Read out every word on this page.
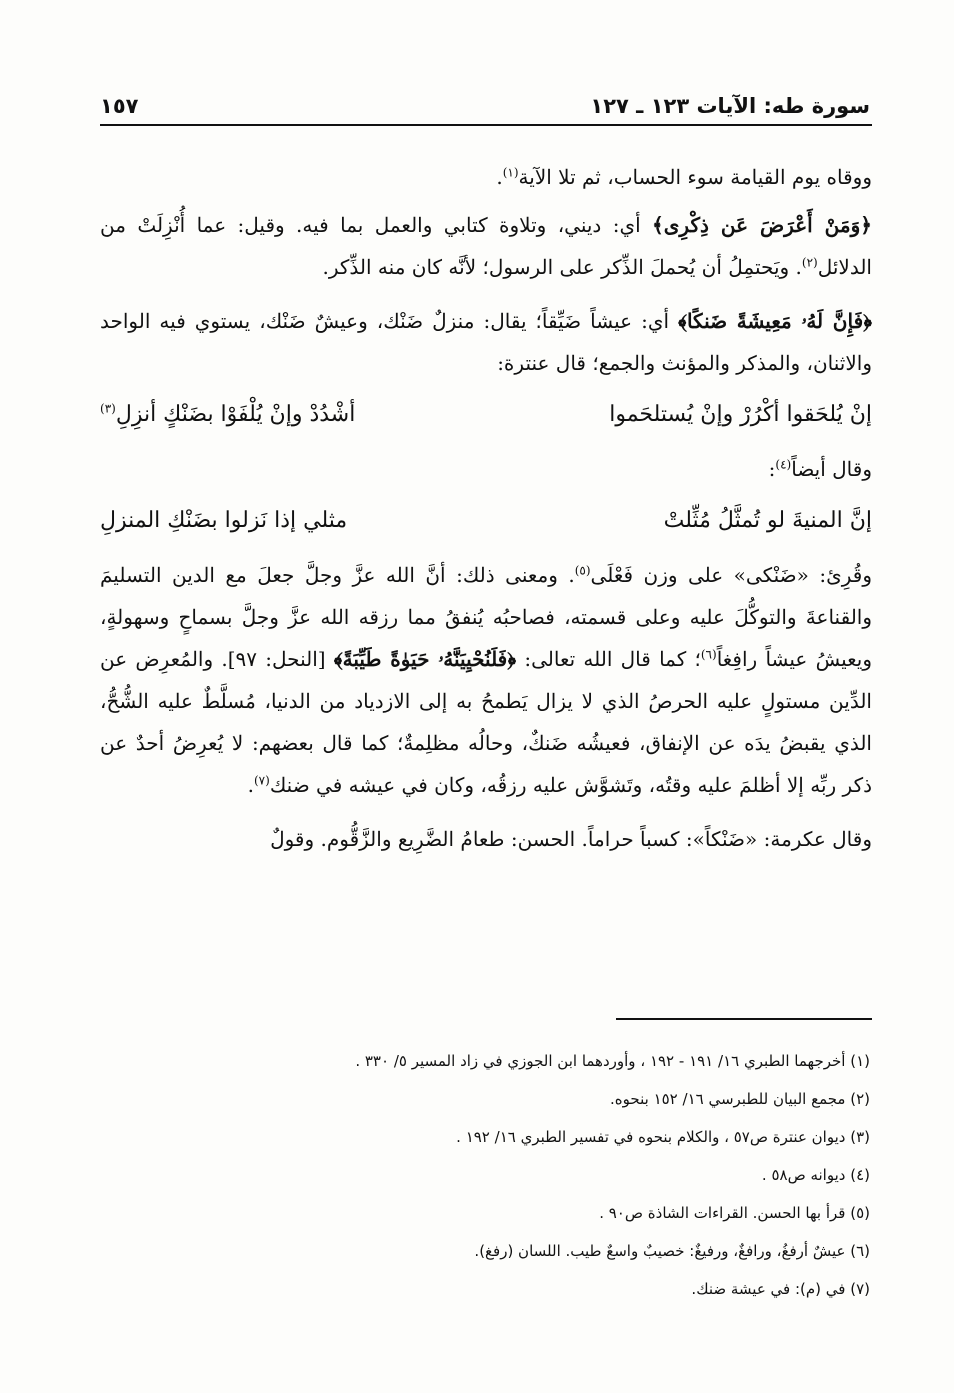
سورة طه: الآيات ١٢٣ ـ ١٢٧
١٥٧

ووقاه يوم القيامة سوء الحساب، ثم تلا الآية$^{(١)}$.

﴿وَمَنْ أَعْرَضَ عَن ذِكْرِى﴾ أي: ديني، وتلاوة كتابي والعمل بما فيه. وقيل: عما أُنْزِلَتْ من الدلائل$^{(٢)}$. ويَحتمِلُ أن يُحملَ الذِّكر على الرسول؛ لأنَّه كان منه الذِّكر.

﴿فَإِنَّ لَهُۥ مَعِيشَةً ضَنكًا﴾ أي: عيشاً ضَيِّقاً؛ يقال: منزلٌ ضَنْك، وعيشٌ ضَنْك، يستوي فيه الواحد والاثنان، والمذكر والمؤنث والجمع؛ قال عنترة:

إنْ يُلحَقوا أكْرُرْ وإنْ يُستلحَموا
أشْدُدْ وإنْ يُلْفَوْا بضَنْكٍ أنزِلِ$^{(٣)}$

وقال أيضاً$^{(٤)}$:

إنَّ المنيةَ لو تُمثَّلُ مُثِّلتْ
مثلي إذا نَزلوا بضَنْكِ المنزلِ

وقُرِئ: «ضَنْكى» على وزن فَعْلَى$^{(٥)}$. ومعنى ذلك: أنَّ الله عزَّ وجلَّ جعلَ مع الدين التسليمَ والقناعةَ والتوكُّلَ عليه وعلى قسمته، فصاحبُه يُنفقُ مما رزقه الله عزَّ وجلَّ بسماحٍ وسهولةٍ، ويعيشُ عيشاً رافِغاً$^{(٦)}$؛ كما قال الله تعالى: ﴿فَلَنُحْيِيَنَّهُۥ حَيَوٰةً طَيِّبَةً﴾ [النحل: ٩٧]. والمُعرِض عن الدِّين مستولٍ عليه الحرصُ الذي لا يزال يَطمحُ به إلى الازدياد من الدنيا، مُسلَّطٌ عليه الشُّحُّ، الذي يقبضُ يدَه عن الإنفاق، فعيشُه ضَنكٌ، وحالُه مظلِمةٌ؛ كما قال بعضهم: لا يُعرِضُ أحدٌ عن ذكر ربِّه إلا أظلمَ عليه وقتُه، وتَشوَّش عليه رزقُه، وكان في عيشه في ضنك$^{(٧)}$.

وقال عكرمة: «ضَنْكاً»: كسباً حراماً. الحسن: طعامُ الضَّرِيع والزَّقُّوم. وقولٌ

(١) أخرجهما الطبري ١٦/ ١٩١ - ١٩٢ ، وأوردهما ابن الجوزي في زاد المسير ٥/ ٣٣٠ .
(٢) مجمع البيان للطبرسي ١٦/ ١٥٢ بنحوه.
(٣) ديوان عنترة ص٥٧ ، والكلام بنحوه في تفسير الطبري ١٦/ ١٩٢ .
(٤) ديوانه ص٥٨ .
(٥) قرأ بها الحسن. القراءات الشاذة ص٩٠ .
(٦) عيشٌ أرفغُ، ورافغٌ، ورفيغٌ: خصيبٌ واسعٌ طيب. اللسان (رفغ).
(٧) في (م): في عيشة ضنك.
